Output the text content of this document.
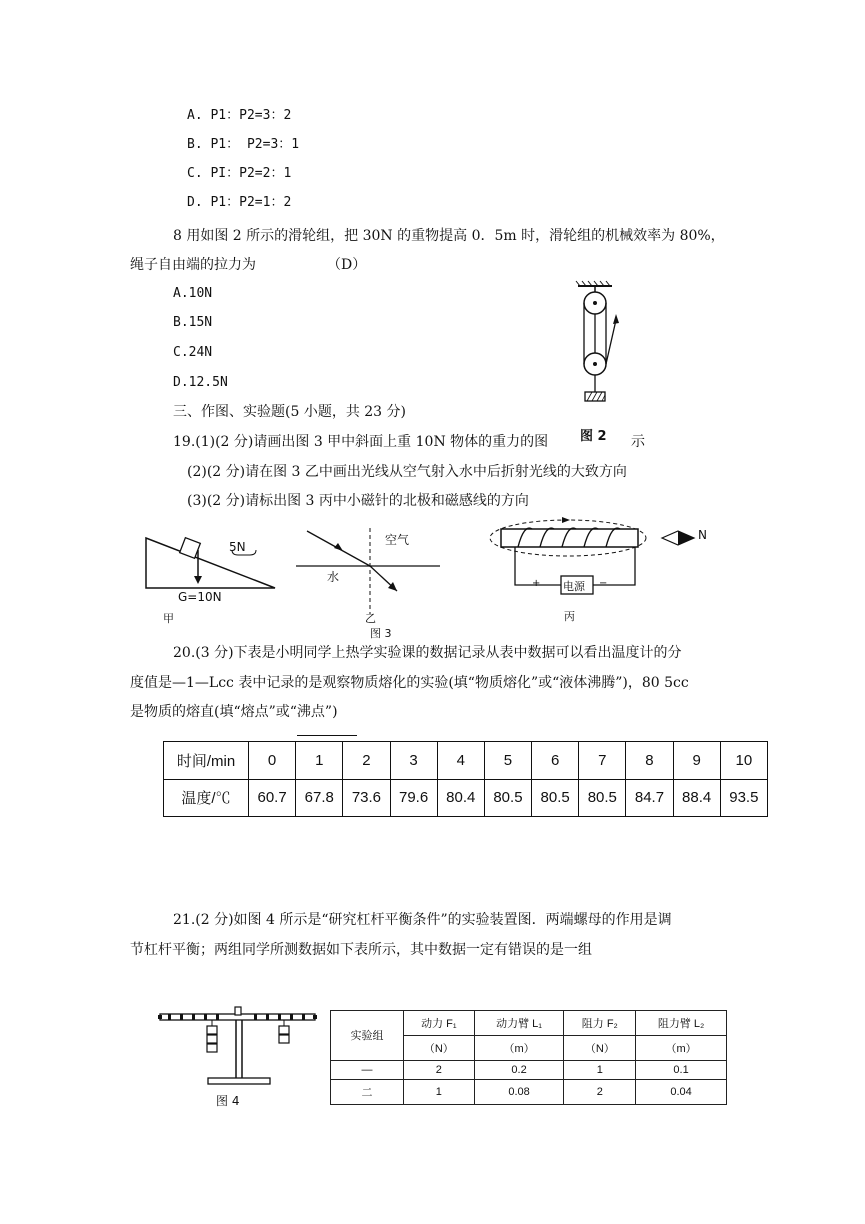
A. P1：P2=3：2
B. P1： P2=3：1
C. PI：P2=2：1
D. P1：P2=1：2
8 用如图 2 所示的滑轮组，把 30N 的重物提高 0．5m 时，滑轮组的机械效率为 80%，
绳子自由端的拉力为	（D）
A.10N
B.15N
C.24N
D.12.5N
图 2
三、作图、实验题(5 小题，共 23 分)
19.(1)(2 分)请画出图 3 甲中斜面上重 10N 物体的重力的图	示
(2)(2 分)请在图 3 乙中画出光线从空气射入水中后折射光线的大致方向
(3)(2 分)请标出图 3 丙中小磁针的北极和磁感线的方向
5N
G=10N
甲
空气
水
乙
+ 电源 −
丙
N
图 3
20.(3 分)下表是小明同学上热学实验课的数据记录从表中数据可以看出温度计的分
度值是—1—Lcc 表中记录的是观察物质熔化的实验(填“物质熔化”或“液体沸腾”)，80 5cc
是物质的熔直(填“熔点”或“沸点”)
时间/min	0	1	2	3	4	5	6	7	8	9	10
温度/℃	60.7	67.8	73.6	79.6	80.4	80.5	80.5	80.5	84.7	88.4	93.5
21.(2 分)如图 4 所示是“研究杠杆平衡条件”的实验装置图．两端螺母的作用是调
节杠杆平衡；两组同学所测数据如下表所示，其中数据一定有错误的是一组
图 4
实验组	动力 F₁	动力臂 L₁	阻力 F₂	阻力臂 L₂
	（N）	（m）	（N）	（m）
—	2	0.2	1	0.1
二	1	0.08	2	0.04
